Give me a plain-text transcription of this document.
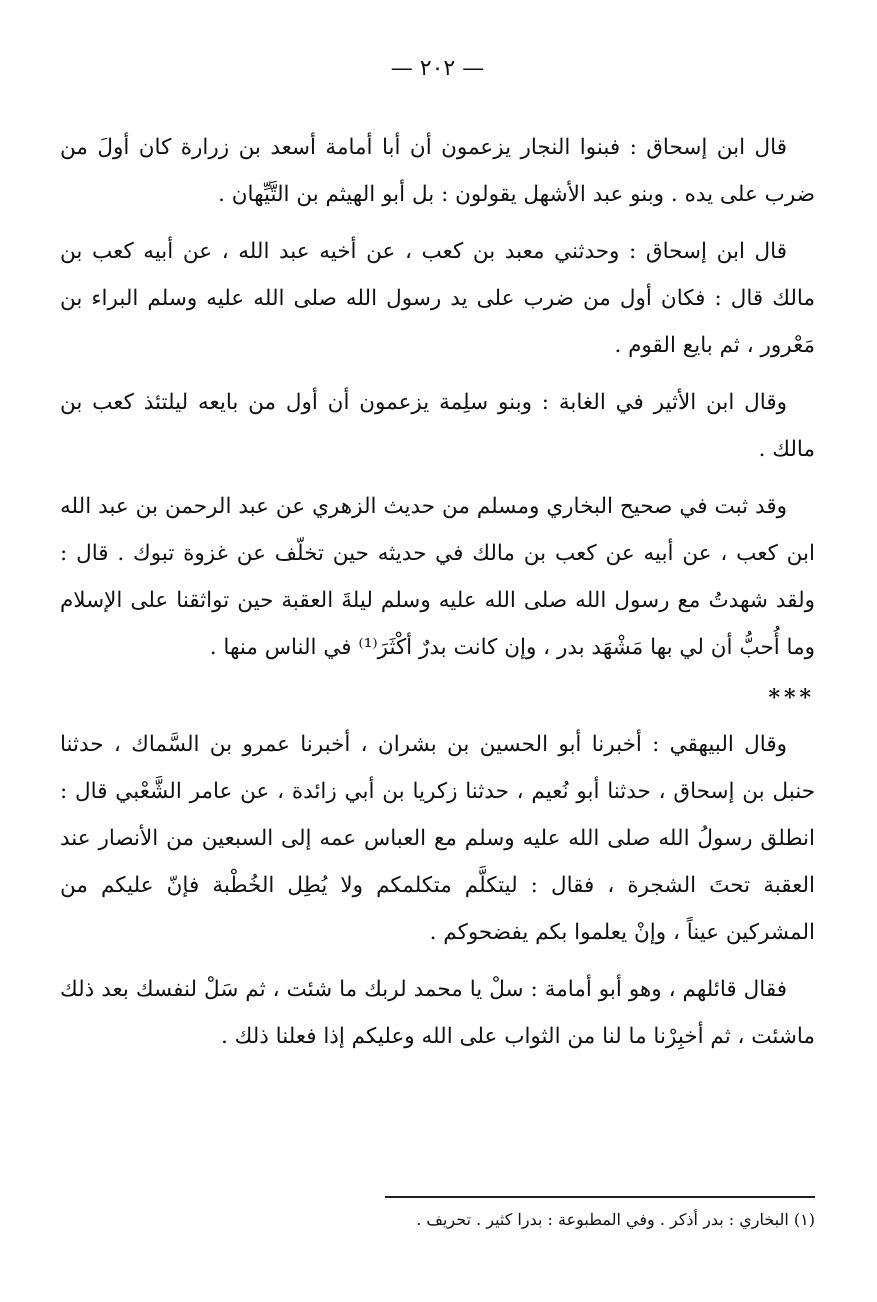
— ٢٠٢ —

قال ابن إسحاق : فبنوا النجار يزعمون أن أبا أمامة أسعد بن زرارة كان أولَ من ضرب على يده . وبنو عبد الأشهل يقولون : بل أبو الهيثم بن التَّيِّهان .

قال ابن إسحاق : وحدثني معبد بن كعب ، عن أخيه عبد الله ، عن أبيه كعب بن مالك قال : فكان أول من ضرب على يد رسول الله صلى الله عليه وسلم البراء بن مَعْرور ، ثم بايع القوم .

وقال ابن الأثير في الغابة : وبنو سلِمة يزعمون أن أول من بايعه ليلتئذ كعب بن مالك .

وقد ثبت في صحيح البخاري ومسلم من حديث الزهري عن عبد الرحمن بن عبد الله ابن كعب ، عن أبيه عن كعب بن مالك في حديثه حين تخلّف عن غزوة تبوك . قال : ولقد شهدتُ مع رسول الله صلى الله عليه وسلم ليلةَ العقبة حين تواثقنا على الإسلام وما أُحبُّ أن لي بها مَشْهَد بدر ، وإن كانت بدرٌ أكْثَرَ⁽¹⁾ في الناس منها .

***

وقال البيهقي : أخبرنا أبو الحسين بن بشران ، أخبرنا عمرو بن السَّماك ، حدثنا حنبل بن إسحاق ، حدثنا أبو نُعيم ، حدثنا زكريا بن أبي زائدة ، عن عامر الشَّعْبي قال : انطلق رسولُ الله صلى الله عليه وسلم مع العباس عمه إلى السبعين من الأنصار عند العقبة تحتَ الشجرة ، فقال : ليتكلَّم متكلمكم ولا يُطِل الخُطْبة فإنّ عليكم من المشركين عيناً ، وإنْ يعلموا بكم يفضحوكم .

فقال قائلهم ، وهو أبو أمامة : سلْ يا محمد لربك ما شئت ، ثم سَلْ لنفسك بعد ذلك ماشئت ، ثم أخبِرْنا ما لنا من الثواب على الله وعليكم إذا فعلنا ذلك .

(١) البخاري : بدر أذكر . وفي المطبوعة : بدرا كثير . تحريف .
